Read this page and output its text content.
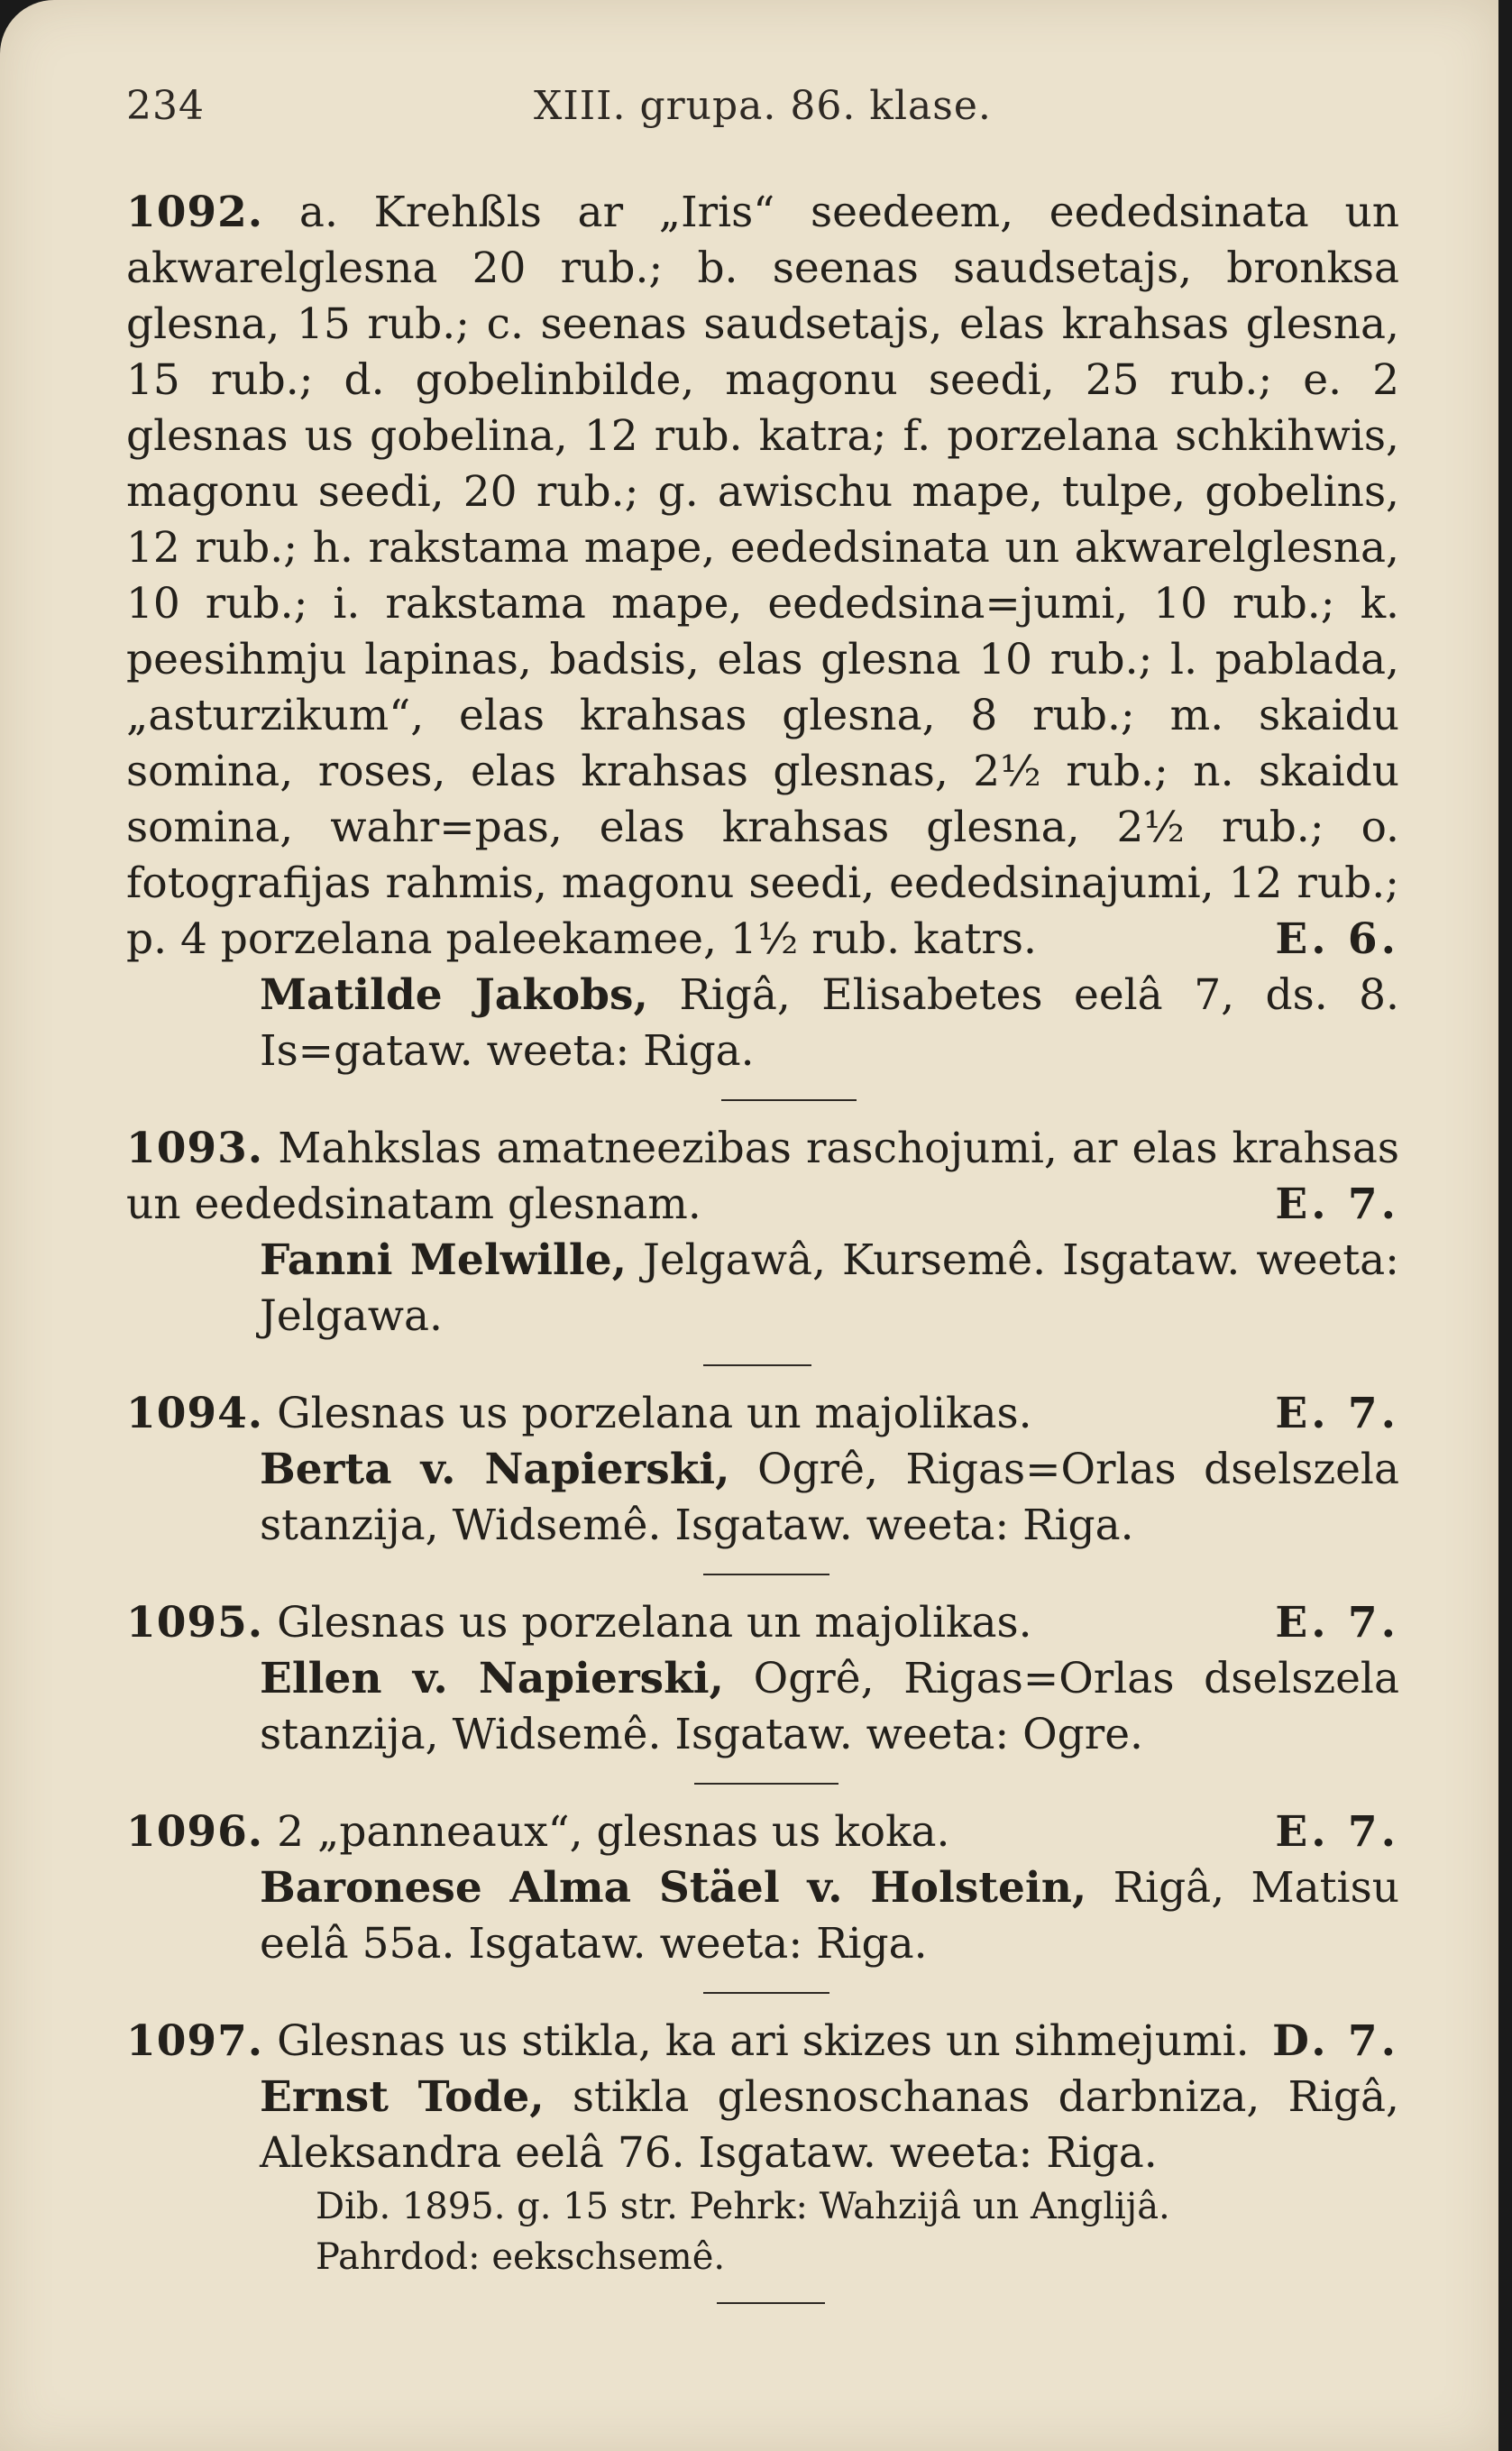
234	XIII. grupa. 86. klase.
1092. a. Krehßls ar „Iris“ seedeem, eededsinata un akwarelglesna 20 rub.; b. seenas saudsetajs, bronksa glesna, 15 rub.; c. seenas saudsetajs, elas krahsas glesna, 15 rub.; d. gobelinbilde, magonu seedi, 25 rub.; e. 2 glesnas us gobelina, 12 rub. katra; f. porzelana schkihwis, magonu seedi, 20 rub.; g. awischu mape, tulpe, gobelins, 12 rub.; h. rakstama mape, eededsinata un akwarelglesna, 10 rub.; i. rakstama mape, eededsina=jumi, 10 rub.; k. peesihmju lapinas, badsis, elas glesna 10 rub.; l. pablada, „asturzikum“, elas krahsas glesna, 8 rub.; m. skaidu somina, roses, elas krahsas glesnas, 2½ rub.; n. skaidu somina, wahr=pas, elas krahsas glesna, 2½ rub.; o. fotografijas rahmis, magonu seedi, eededsinajumi, 12 rub.; p. 4 porzelana paleekamee, 1½ rub. katrs.	E. 6.
Matilde Jakobs, Rigâ, Elisabetes eelâ 7, ds. 8. Is=gataw. weeta: Riga.
1093. Mahkslas amatneezibas raschojumi, ar elas krahsas un eededsinatam glesnam.	E. 7.
Fanni Melwille, Jelgawâ, Kursemê. Isgataw. weeta: Jelgawa.
1094. Glesnas us porzelana un majolikas.	E. 7.
Berta v. Napierski, Ogrê, Rigas=Orlas dselszela stanzija, Widsemê. Isgataw. weeta: Riga.
1095. Glesnas us porzelana un majolikas.	E. 7.
Ellen v. Napierski, Ogrê, Rigas=Orlas dselszela stanzija, Widsemê. Isgataw. weeta: Ogre.
1096. 2 „panneaux“, glesnas us koka.	E. 7.
Baronese Alma Stäel v. Holstein, Rigâ, Matisu eelâ 55a. Isgataw. weeta: Riga.
1097. Glesnas us stikla, ka ari skizes un sihmejumi. D. 7.
Ernst Tode, stikla glesnoschanas darbniza, Rigâ, Aleksandra eelâ 76. Isgataw. weeta: Riga.
Dib. 1895. g. 15 str. Pehrk: Wahzijâ un Anglijâ.
Pahrdod: eekschsemê.
